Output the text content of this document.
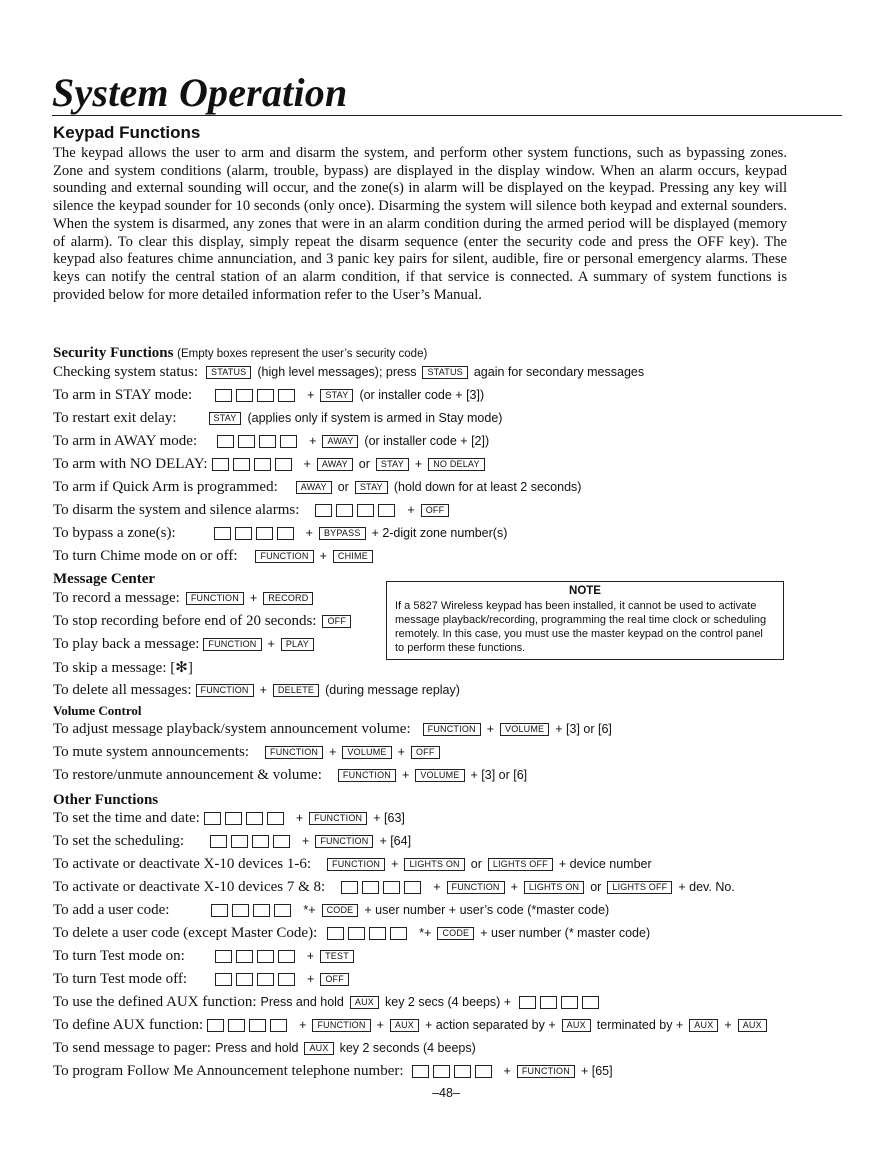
System Operation
Keypad Functions

The keypad allows the user to arm and disarm the system, and perform other system functions, such as bypassing zones. Zone and system conditions (alarm, trouble, bypass) are displayed in the display window. When an alarm occurs, keypad sounding and external sounding will occur, and the zone(s) in alarm will be displayed on the keypad. Pressing any key will silence the keypad sounder for 10 seconds (only once). Disarming the system will silence both keypad and external sounders. When the system is disarmed, any zones that were in an alarm condition during the armed period will be displayed (memory of alarm). To clear this display, simply repeat the disarm sequence (enter the security code and press the OFF key). The keypad also features chime annunciation, and 3 panic key pairs for silent, audible, fire or personal emergency alarms. These keys can notify the central station of an alarm condition, if that service is connected. A summary of system functions is provided below for more detailed information refer to the User’s Manual.

Security Functions (Empty boxes represent the user’s security code)
Message Center
Volume Control
Other Functions
Checking system status:	STATUS (high level messages); press	STATUS again for secondary messages
To arm in STAY mode:	+	STAY (or installer code + [3])
To restart exit delay:	STAY (applies only if system is armed in Stay mode)
To arm in AWAY mode:	+	AWAY (or installer code + [2])
To arm with NO DELAY:	+	AWAY or	STAY +	NO DELAY
To arm if Quick Arm is programmed:	AWAY or	STAY (hold down for at least 2 seconds)
To disarm the system and silence alarms:	+	OFF
To bypass a zone(s):	+	BYPASS + 2-digit zone number(s)
To turn Chime mode on or off:	FUNCTION +	CHIME
To record a message:	FUNCTION +	RECORD
To stop recording before end of 20 seconds:	OFF
To play back a message:	FUNCTION +	PLAY
To skip a message: [✻]
To delete all messages:	FUNCTION +	DELETE (during message replay)
To adjust message playback/system announcement volume:	FUNCTION +	VOLUME + [3] or [6]
To mute system announcements:	FUNCTION +	VOLUME +	OFF
To restore/unmute announcement & volume:	FUNCTION +	VOLUME + [3] or [6]
To set the time and date:	+	FUNCTION + [63]
To set the scheduling:	+	FUNCTION + [64]
To activate or deactivate X-10 devices 1-6:	FUNCTION +	LIGHTS ON or	LIGHTS OFF + device number
To activate or deactivate X-10 devices 7 & 8:	+	FUNCTION +	LIGHTS ON or	LIGHTS OFF + dev. No.
To add a user code:	*+	CODE + user number + user’s code (*master code)
To delete a user code (except Master Code):	*+	CODE + user number (* master code)
To turn Test mode on:	+	TEST
To turn Test mode off:	+	OFF
To use the defined AUX function: Press and hold	AUX key 2 secs (4 beeps) +
To define AUX function:	+	FUNCTION +	AUX + action separated by +	AUX terminated by +	AUX +	AUX
To send message to pager: Press and hold	AUX key 2 seconds (4 beeps)
To program Follow Me Announcement telephone number:	+	FUNCTION + [65]
NOTE
If a 5827 Wireless keypad has been installed, it cannot be used to activate message playback/recording, programming the real time clock or scheduling remotely. In this case, you must use the master keypad on the control panel to perform these functions.
–48–
